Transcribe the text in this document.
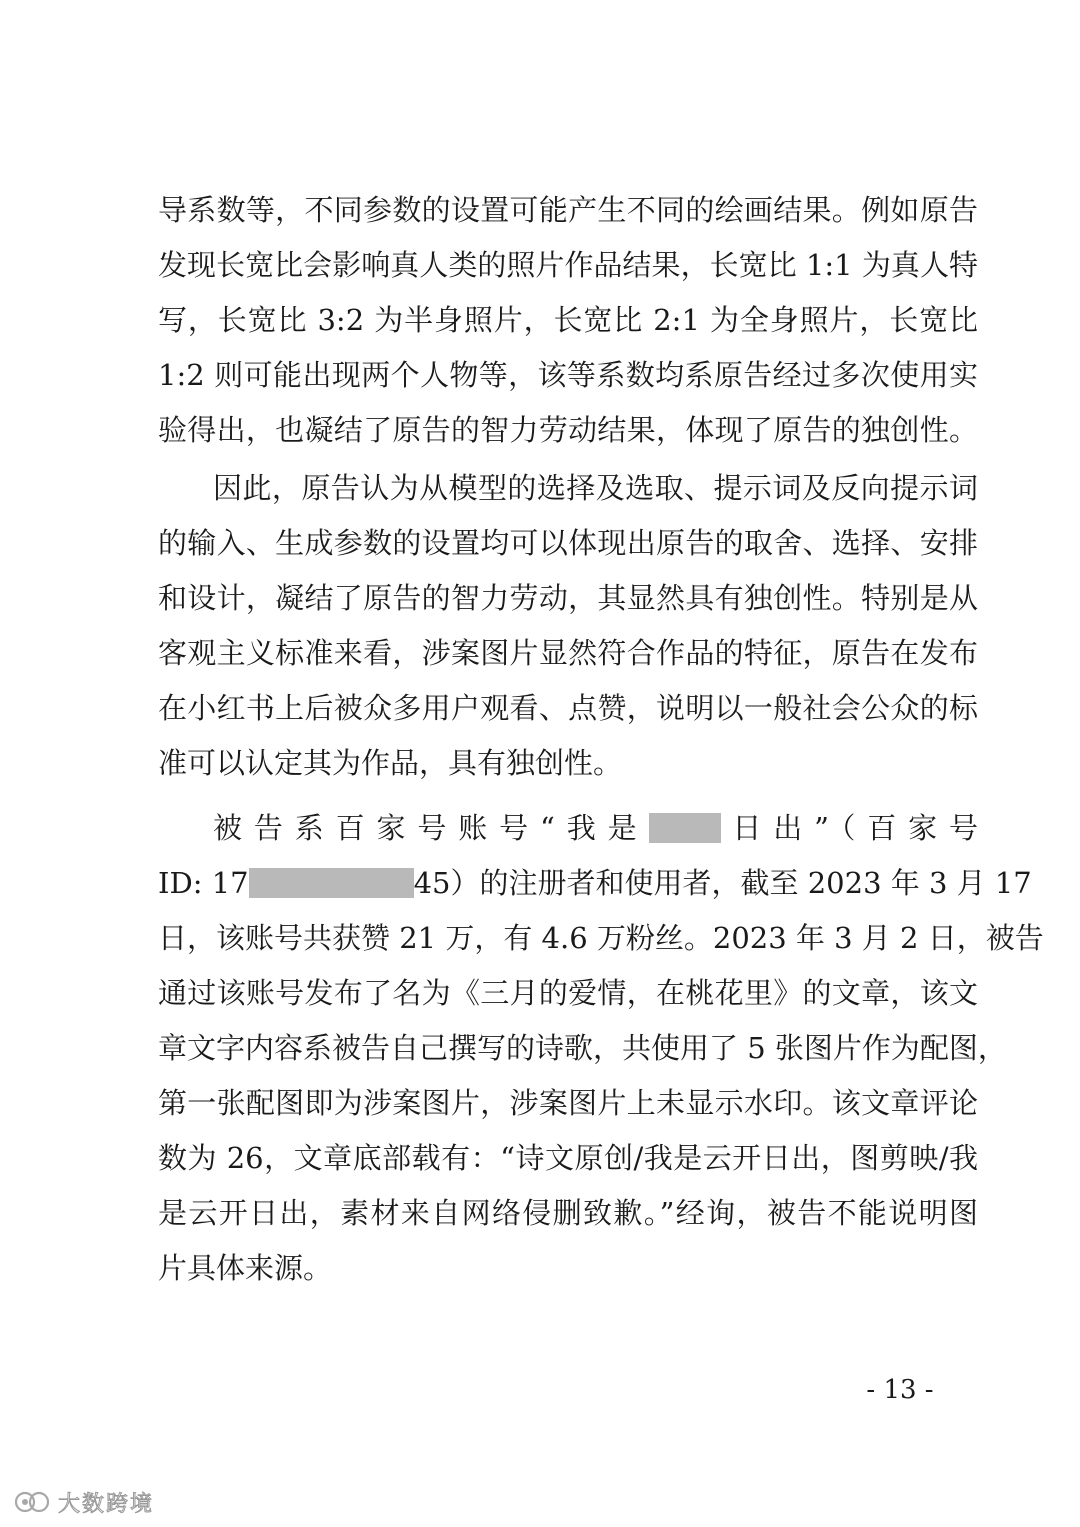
导系数等，不同参数的设置可能产生不同的绘画结果。例如原告
发现长宽比会影响真人类的照片作品结果，长宽比 1:1 为真人特
写，长宽比 3:2 为半身照片，长宽比 2:1 为全身照片，长宽比
1:2 则可能出现两个人物等，该等系数均系原告经过多次使用实
验得出，也凝结了原告的智力劳动结果，体现了原告的独创性。
因此，原告认为从模型的选择及选取、提示词及反向提示词
的输入、生成参数的设置均可以体现出原告的取舍、选择、安排
和设计，凝结了原告的智力劳动，其显然具有独创性。特别是从
客观主义标准来看，涉案图片显然符合作品的特征，原告在发布
在小红书上后被众多用户观看、点赞，说明以一般社会公众的标
准可以认定其为作品，具有独创性。
被告系百家号账号“我是 日出”（百家号
ID: 17	45）的注册者和使用者，截至 2023 年 3 月 17
日，该账号共获赞 21 万，有 4.6 万粉丝。2023 年 3 月 2 日，被告
通过该账号发布了名为《三月的爱情，在桃花里》的文章，该文
章文字内容系被告自己撰写的诗歌，共使用了 5 张图片作为配图，
第一张配图即为涉案图片，涉案图片上未显示水印。该文章评论
数为 26，文章底部载有：“诗文原创/我是云开日出，图剪映/我
是云开日出，素材来自网络侵删致歉。”经询，被告不能说明图
片具体来源。
- 13 -
大数跨境
